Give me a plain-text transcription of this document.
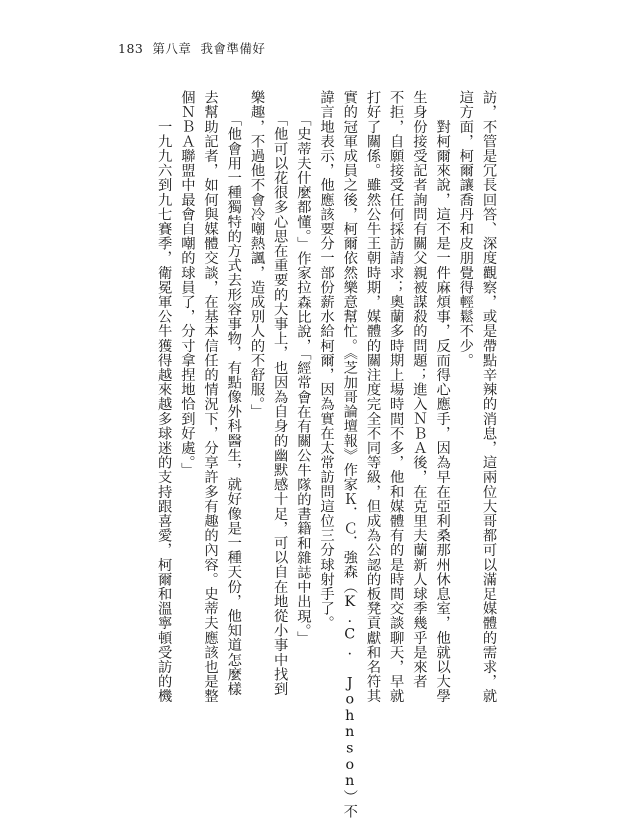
183 第八章 我會準備好

訪，不管是冗長回答、深度觀察，或是帶點辛辣的消息，這兩位大哥都可以滿足媒體的需求，就

這方面，柯爾讓喬丹和皮朋覺得輕鬆不少。

　　對柯爾來說，這不是一件麻煩事，反而得心應手，因為早在亞利桑那州休息室，他就以大學

生身份接受記者詢問有關父親被謀殺的問題；進入ＮＢＡ後，在克里夫蘭新人球季幾乎是來者

不拒，自願接受任何採訪請求；奧蘭多時期上場時間不多，他和媒體有的是時間交談聊天，早就

打好了關係。雖然公牛王朝時期，媒體的關注度完全不同等級，但成為公認的板凳貢獻和名符其

實的冠軍成員之後，柯爾依然樂意幫忙。《芝加哥論壇報》作家Ｋ．Ｃ．強森（K.C. Johnson）不

諱言地表示，他應該要分一部份薪水給柯爾，因為實在太常訪問這位三分球射手了。

　　「史蒂夫什麼都懂。」作家拉森比說，「經常會在有關公牛隊的書籍和雜誌中出現。」

　　「他可以花很多心思在重要的大事上，也因為自身的幽默感十足，可以自在地從小事中找到

樂趣，不過他不會冷嘲熱諷，造成別人的不舒服。」

　　「他會用一種獨特的方式去形容事物，有點像外科醫生，就好像是一種天份，他知道怎麼樣

去幫助記者，如何與媒體交談，在基本信任的情況下，分享許多有趣的內容。史蒂夫應該也是整

個ＮＢＡ聯盟中最會自嘲的球員了，分寸拿捏地恰到好處。」

　　一九九六到九七賽季，衛冕軍公牛獲得越來越多球迷的支持跟喜愛，柯爾和溫寧頓受訪的機
